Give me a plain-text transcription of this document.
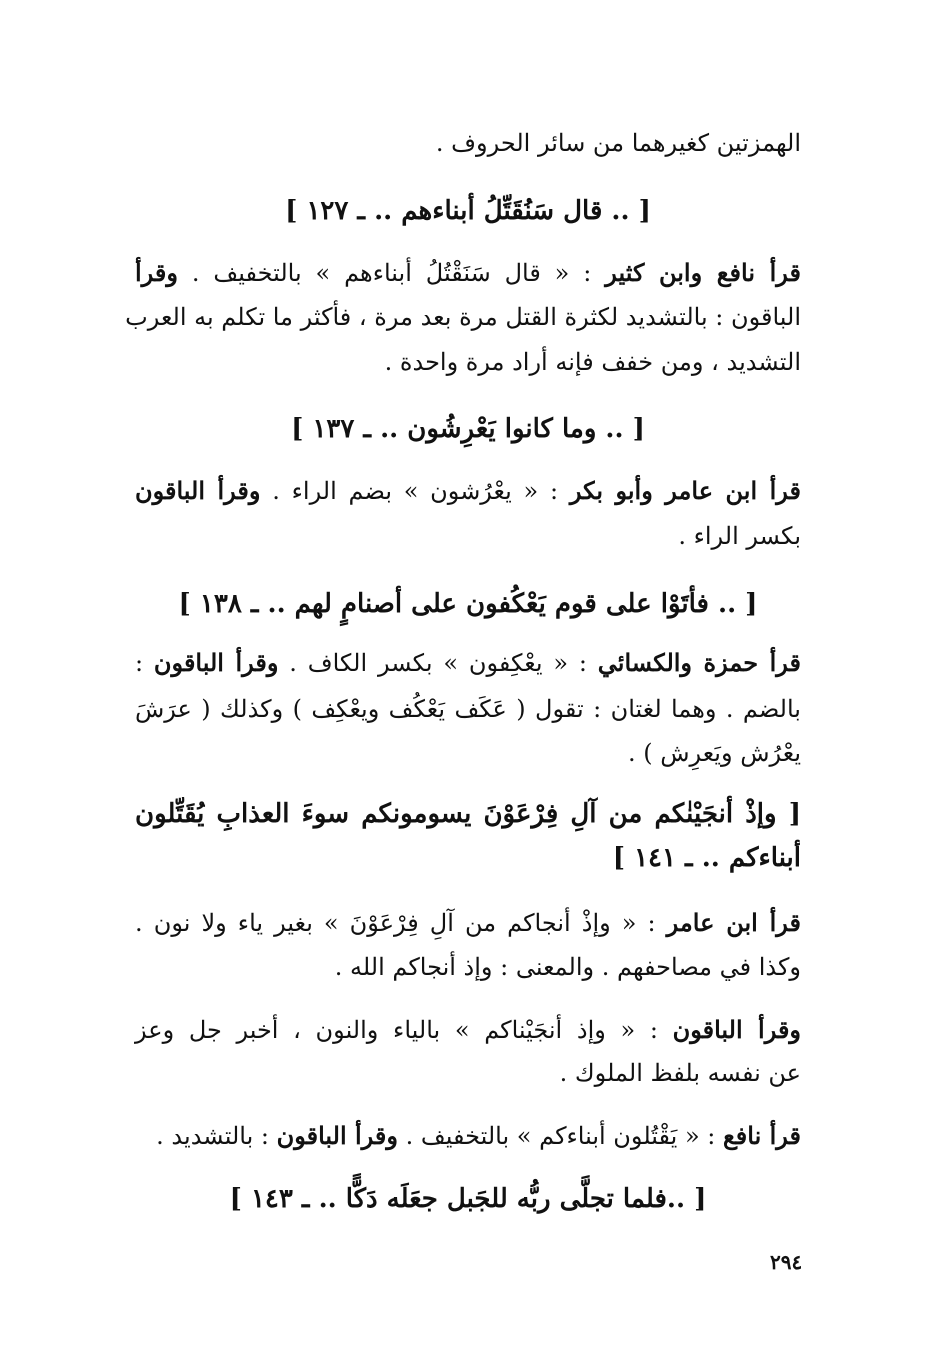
الهمزتين كغيرهما من سائر الحروف .
[ .. قال سَنُقَتِّلُ أبناءهم .. ـ ١٢٧ ]
قرأ نافع وابن كثير : « قال سَنَقْتُلُ أبناءهم » بالتخفيف . وقرأ
الباقون : بالتشديد لكثرة القتل مرة بعد مرة ، فأكثر ما تكلم به العرب
التشديد ، ومن خفف فإنه أراد مرة واحدة .
[ .. وما كانوا يَعْرِشُون .. ـ ١٣٧ ]
قرأ ابن عامر وأبو بكر : « يعْرُشون » بضم الراء . وقرأ الباقون
بكسر الراء .
[ .. فأتَوْا على قوم يَعْكُفون على أصنامٍ لهم .. ـ ١٣٨ ]
قرأ حمزة والكسائي : « يعْكِفون » بكسر الكاف . وقرأ الباقون :
بالضم . وهما لغتان : تقول ( عَكَف يَعْكُف ويعْكِف ) وكذلك ( عرَشَ
يعْرُش ويَعرِش ) .
[ وإذْ أنجَيْنٰكم من آلِ فِرْعَوْنَ يسومونكم سوءَ العذابِ يُقَتِّلون
أبناءكم .. ـ ١٤١ ]
قرأ ابن عامر : « وإذْ أنجاكم من آلِ فِرْعَوْنَ » بغير ياء ولا نون .
وكذا في مصاحفهم . والمعنى : وإذ أنجاكم الله .
وقرأ الباقون : « وإذ أنجَيْناكم » بالياء والنون ، أخبر جل وعز
عن نفسه بلفظ الملوك .
قرأ نافع : « يَقْتُلون أبناءكم » بالتخفيف . وقرأ الباقون : بالتشديد .
[ ..فلما تجلَّى ربُّه للجَبل جعَلَه دَكًّا .. ـ ١٤٣ ]
٢٩٤
